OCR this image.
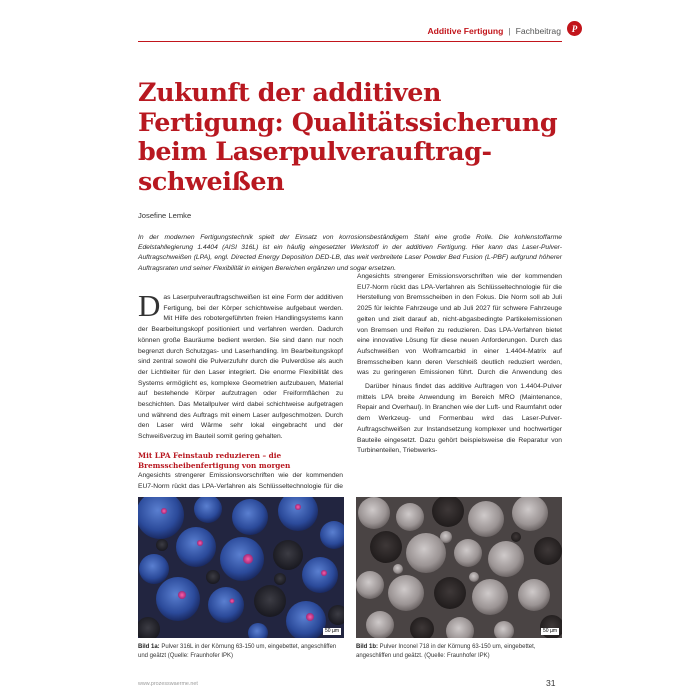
Additive Fertigung | Fachbeitrag	P
Zukunft der additiven Fertigung: Qualitätssicherung beim Laserpulverauftrag-schweißen
Josefine Lemke

In der modernen Fertigungstechnik spielt der Einsatz von korrosionsbeständigem Stahl eine große Rolle. Die kohlenstoffarme Edelstahllegierung 1.4404 (AISI 316L) ist ein häufig eingesetzter Werkstoff in der additiven Fertigung. Hier kann das Laser-Pulver-Auftragschweißen (LPA), engl. Directed Energy Deposition DED-LB, das weit verbreitete Laser Powder Bed Fusion (L-PBF) aufgrund höherer Auftragsraten und seiner Flexibilität in einigen Bereichen ergänzen und sogar ersetzen.

Das Laserpulverauftragschweißen ist eine Form der additiven Fertigung, bei der Körper schichtweise aufgebaut werden. Mit Hilfe des robotergeführten freien Handlingsystems kann der Bearbeitungskopf positioniert und verfahren werden. Dadurch können große Bauräume bedient werden. Sie sind dann nur noch begrenzt durch Schutzgas- und Laserhandling. Im Bearbeitungskopf sind zentral sowohl die Pulverzufuhr durch die Pulverdüse als auch der Lichtleiter für den Laser integriert. Die enorme Flexibilität des Systems ermöglicht es, komplexe Geometrien aufzubauen, Material auf bestehende Körper aufzutragen oder Freiformflächen zu beschichten. Das Metallpulver wird dabei schichtweise aufgetragen und während des Auftrags mit einem Laser aufgeschmolzen. Durch den Laser wird Wärme sehr lokal eingebracht und der Schweißverzug im Bauteil somit gering gehalten.

Mit LPA Feinstaub reduzieren – die Bremsscheibenfertigung von morgen

Angesichts strengerer Emissionsvorschriften wie der kommenden EU7-Norm rückt das LPA-Verfahren als Schlüsseltechnologie für die

Angesichts strengerer Emissionsvorschriften wie der kommenden EU7-Norm rückt das LPA-Verfahren als Schlüsseltechnologie für die Herstellung von Bremsscheiben in den Fokus. Die Norm soll ab Juli 2025 für leichte Fahrzeuge und ab Juli 2027 für schwere Fahrzeuge gelten und zielt darauf ab, nicht-abgasbedingte Partikelemissionen von Bremsen und Reifen zu reduzieren. Das LPA-Verfahren bietet eine innovative Lösung für diese neuen Anforderungen. Durch das Aufschweißen von Wolframcarbid in einer 1.4404-Matrix auf Bremsscheiben kann deren Verschleiß deutlich reduziert werden, was zu geringeren Emissionen führt. Durch die Anwendung des

Darüber hinaus findet das additive Auftragen von 1.4404-Pulver mittels LPA breite Anwendung im Bereich MRO (Maintenance, Repair and Overhaul). In Branchen wie der Luft- und Raumfahrt oder dem Werkzeug- und Formenbau wird das Laser-Pulver-Auftragschweißen zur Instandsetzung komplexer und hochwertiger Bauteile eingesetzt. Dazu gehört beispielsweise die Reparatur von Turbinenteilen, Triebwerks-

50 µm	50 µm
Bild 1a: Pulver 316L in der Körnung 63-150 um, eingebettet, angeschliffen und geätzt (Quelle: Fraunhofer IPK)
Bild 1b: Pulver Inconel 718 in der Körnung 63-150 um, eingebettet, angeschliffen und geätzt. (Quelle: Fraunhofer IPK)
www.prozesswaerme.net	31
